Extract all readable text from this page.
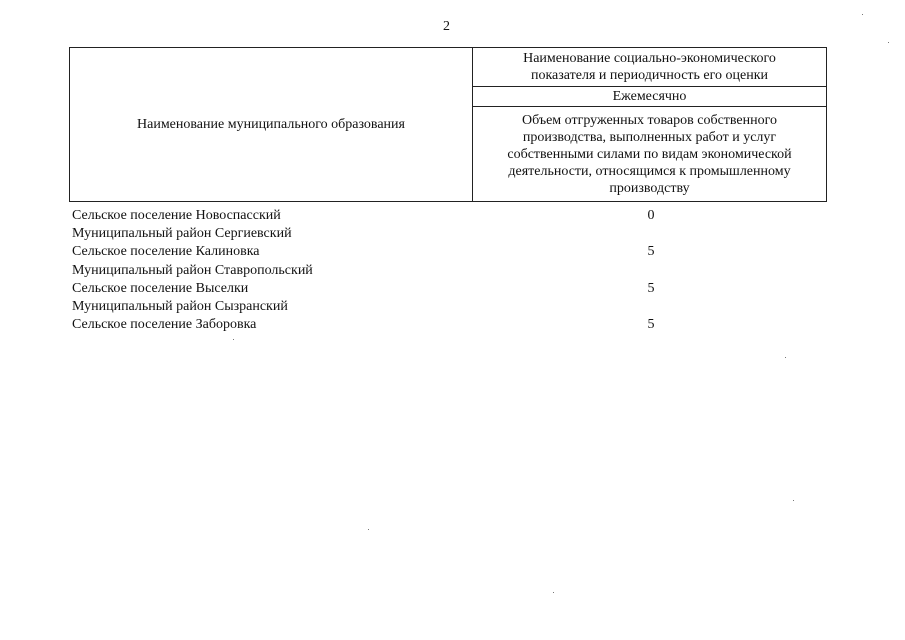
2
Наименование муниципального образования	
Наименование социально-экономического показателя и периодичность его оценки

Ежемесячно

Объем отгруженных товаров собственного производства, выполненных работ и услуг собственными силами по видам экономической деятельности, относящимся к промышленному производству
Сельское поселение Новоспасский	0
Муниципальный район Сергиевский
Сельское поселение Калиновка	5
Муниципальный район Ставропольский
Сельское поселение Выселки	5
Муниципальный район Сызранский
Сельское поселение Заборовка	5
